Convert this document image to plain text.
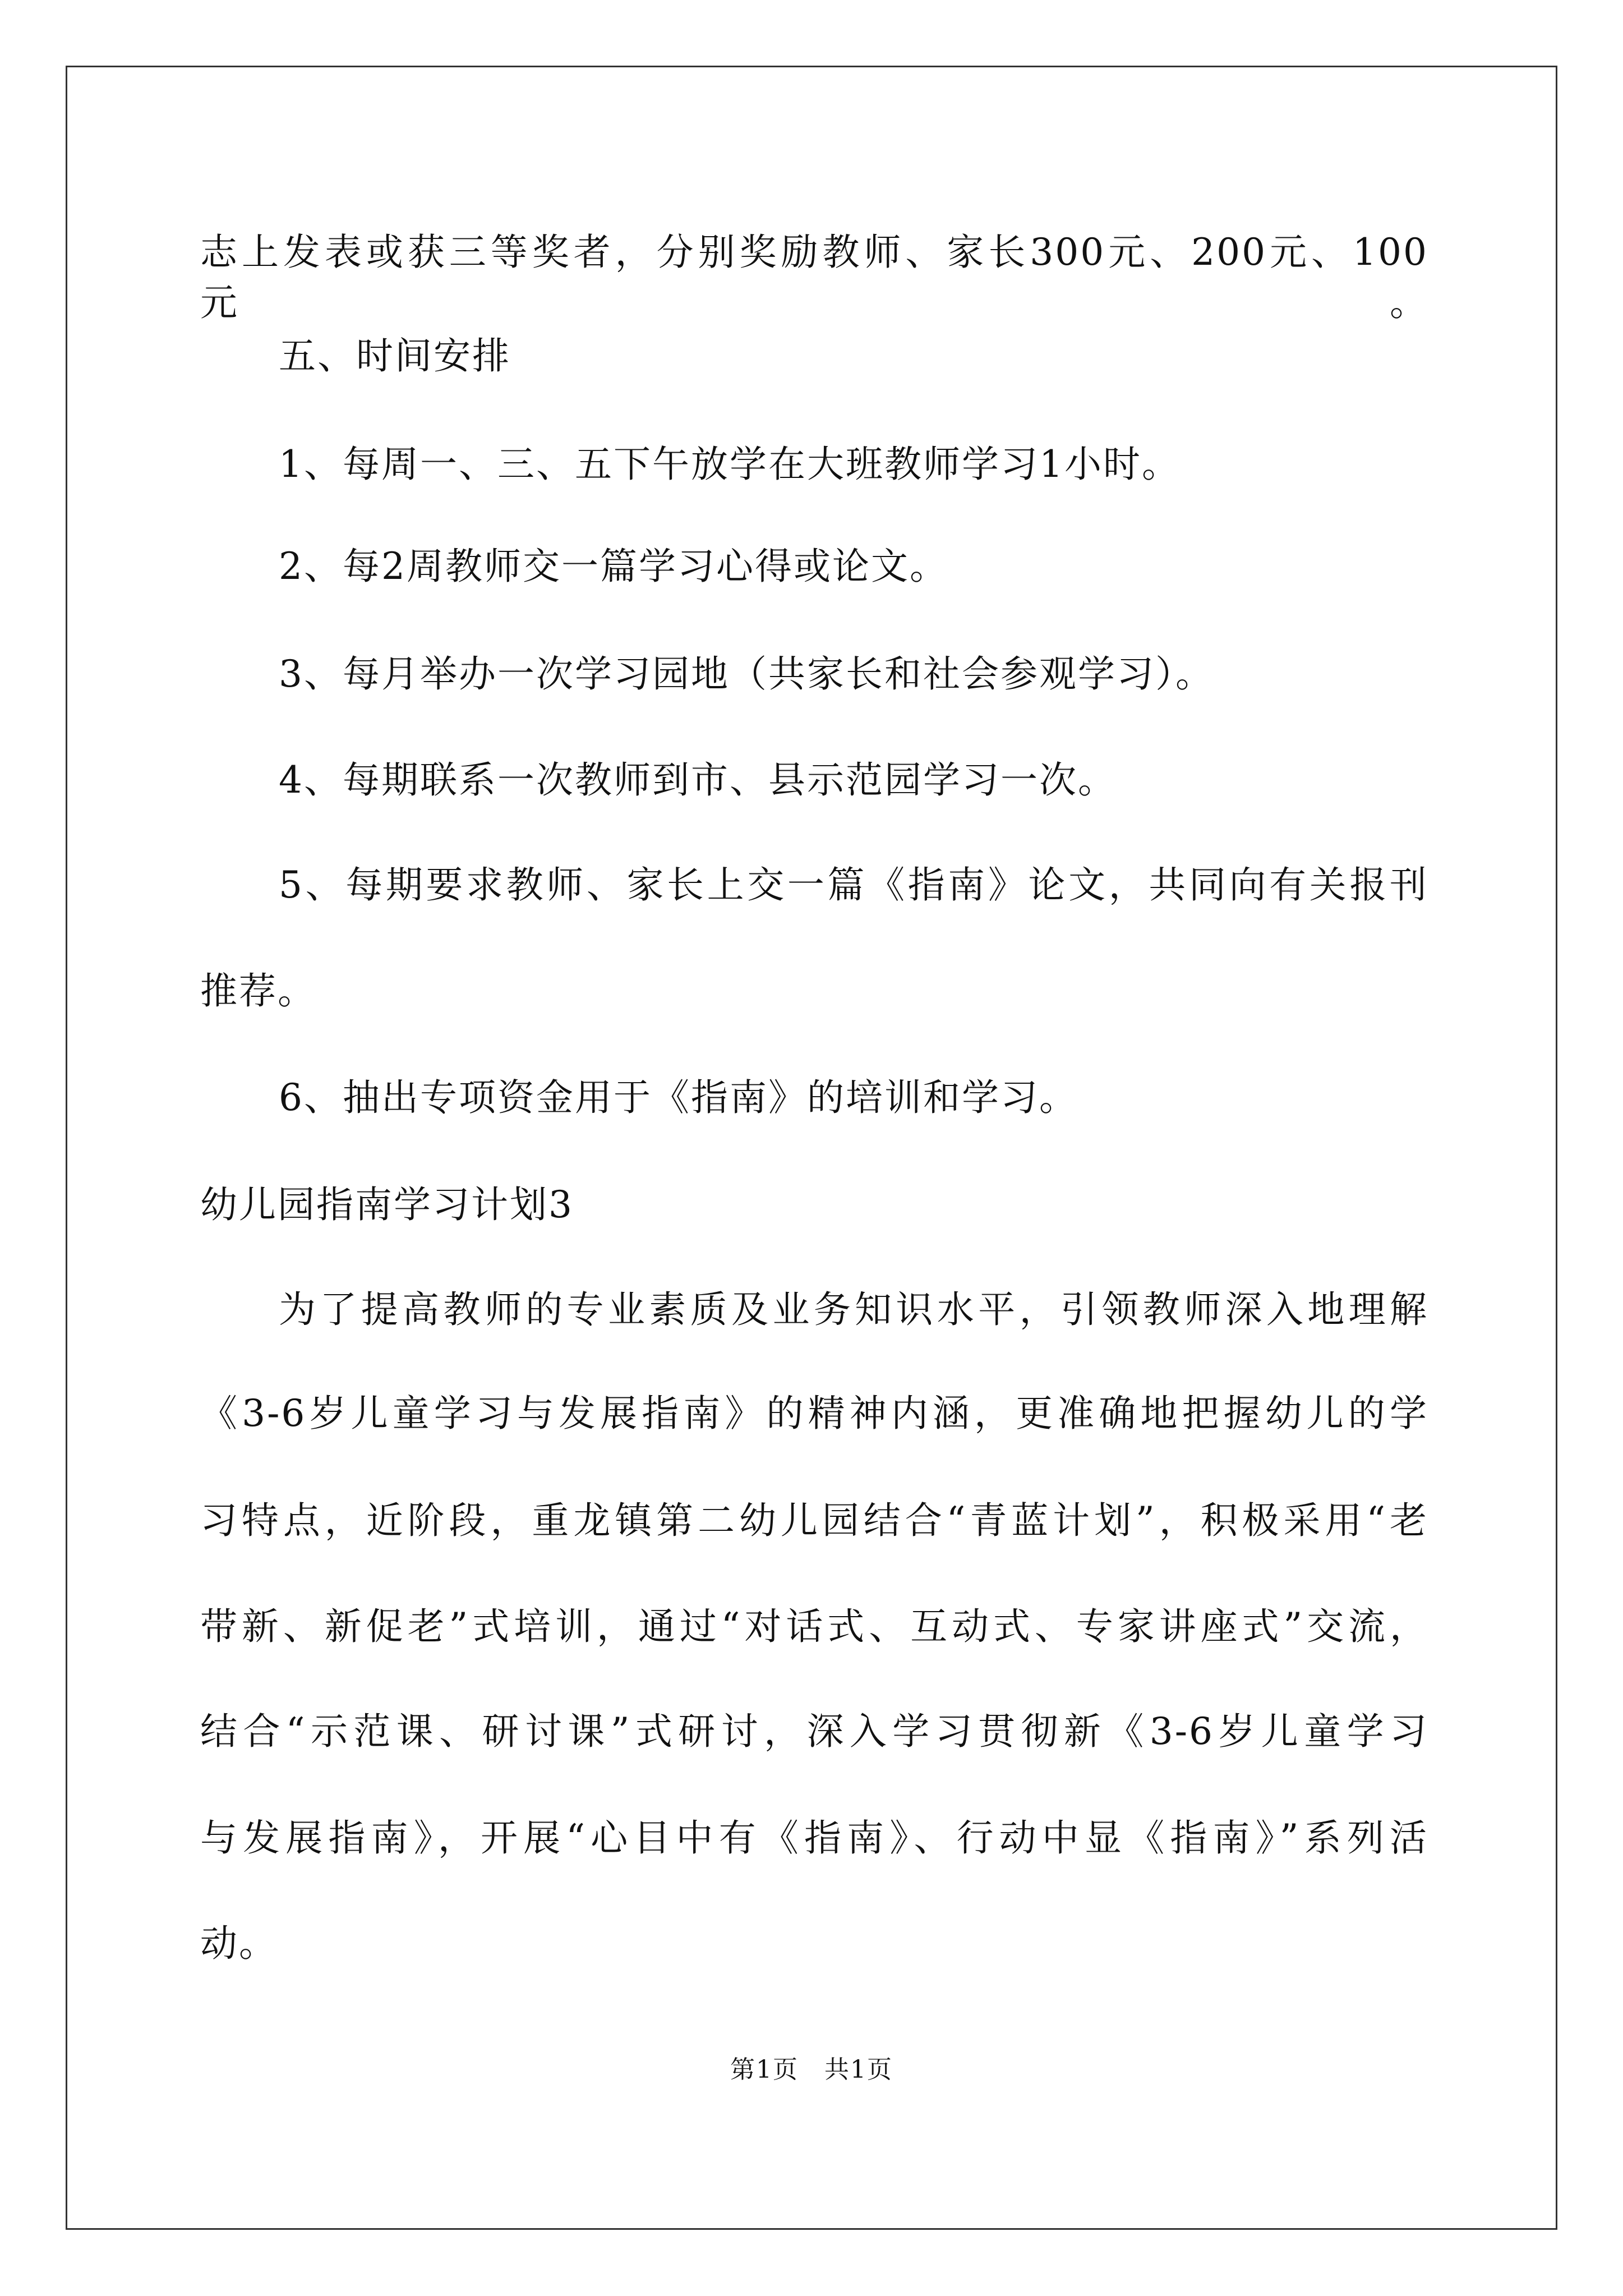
志上发表或获三等奖者，分别奖励教师、家长300元、200元、100元。
五、时间安排
1、每周一、三、五下午放学在大班教师学习1小时。
2、每2周教师交一篇学习心得或论文。
3、每月举办一次学习园地（共家长和社会参观学习）。
4、每期联系一次教师到市、县示范园学习一次。
5、每期要求教师、家长上交一篇《指南》论文，共同向有关报刊
推荐。
6、抽出专项资金用于《指南》的培训和学习。
幼儿园指南学习计划3
为了提高教师的专业素质及业务知识水平，引领教师深入地理解
《3-6岁儿童学习与发展指南》的精神内涵，更准确地把握幼儿的学
习特点，近阶段，重龙镇第二幼儿园结合“青蓝计划”，积极采用“老
带新、新促老”式培训，通过“对话式、互动式、专家讲座式”交流，
结合“示范课、研讨课”式研讨，深入学习贯彻新《3-6岁儿童学习
与发展指南》，开展“心目中有《指南》、行动中显《指南》”系列活
动。
第1页　共1页
